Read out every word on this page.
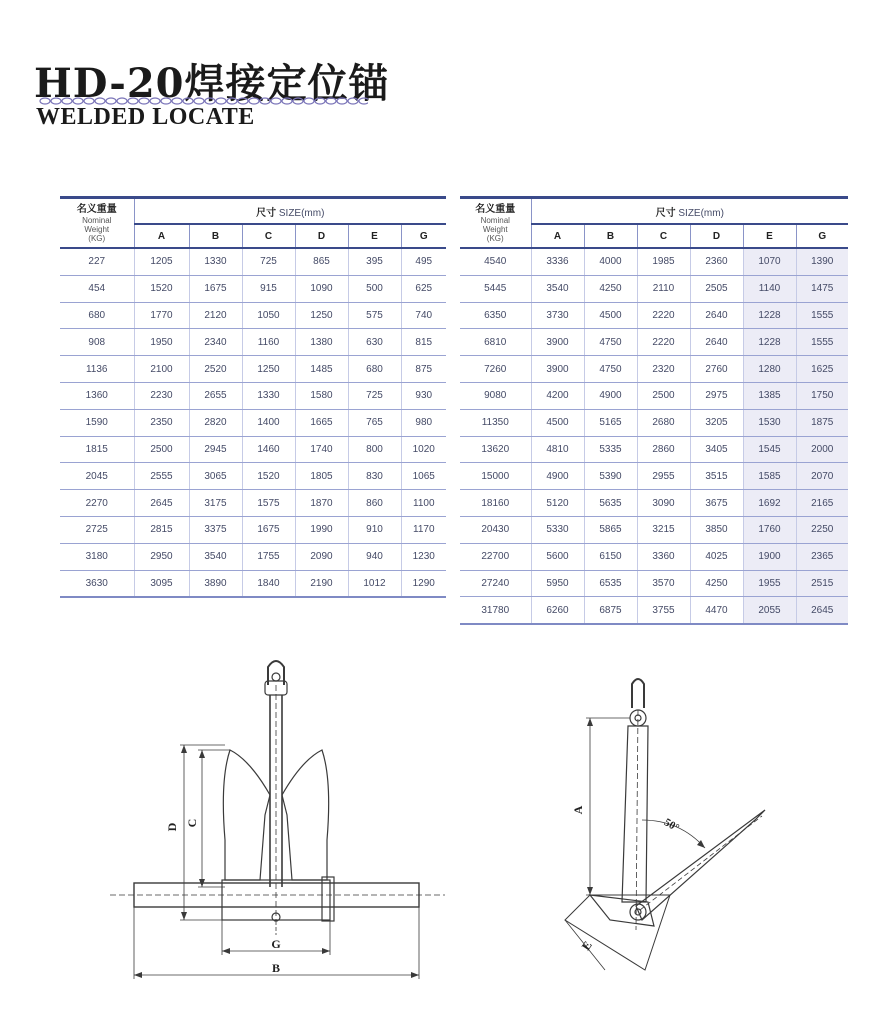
HD-20焊接定位锚
WELDED LOCATE
名义重量
Nominal
Weight
(KG)	尺寸 SIZE(mm)					
	A	B	C	D	E	G
227	1205	1330	725	865	395	495
454	1520	1675	915	1090	500	625
680	1770	2120	1050	1250	575	740
908	1950	2340	1160	1380	630	815
1136	2100	2520	1250	1485	680	875
1360	2230	2655	1330	1580	725	930
1590	2350	2820	1400	1665	765	980
1815	2500	2945	1460	1740	800	1020
2045	2555	3065	1520	1805	830	1065
2270	2645	3175	1575	1870	860	1100
2725	2815	3375	1675	1990	910	1170
3180	2950	3540	1755	2090	940	1230
3630	3095	3890	1840	2190	1012	1290
名义重量
Nominal
Weight
(KG)	尺寸 SIZE(mm)					
	A	B	C	D	E	G
4540	3336	4000	1985	2360	1070	1390
5445	3540	4250	2110	2505	1140	1475
6350	3730	4500	2220	2640	1228	1555
6810	3900	4750	2220	2640	1228	1555
7260	3900	4750	2320	2760	1280	1625
9080	4200	4900	2500	2975	1385	1750
11350	4500	5165	2680	3205	1530	1875
13620	4810	5335	2860	3405	1545	2000
15000	4900	5390	2955	3515	1585	2070
18160	5120	5635	3090	3675	1692	2165
20430	5330	5865	3215	3850	1760	2250
22700	5600	6150	3360	4025	1900	2365
27240	5950	6535	3570	4250	1955	2515
31780	6260	6875	3755	4470	2055	2645
D C
G
B
A
E
50°
